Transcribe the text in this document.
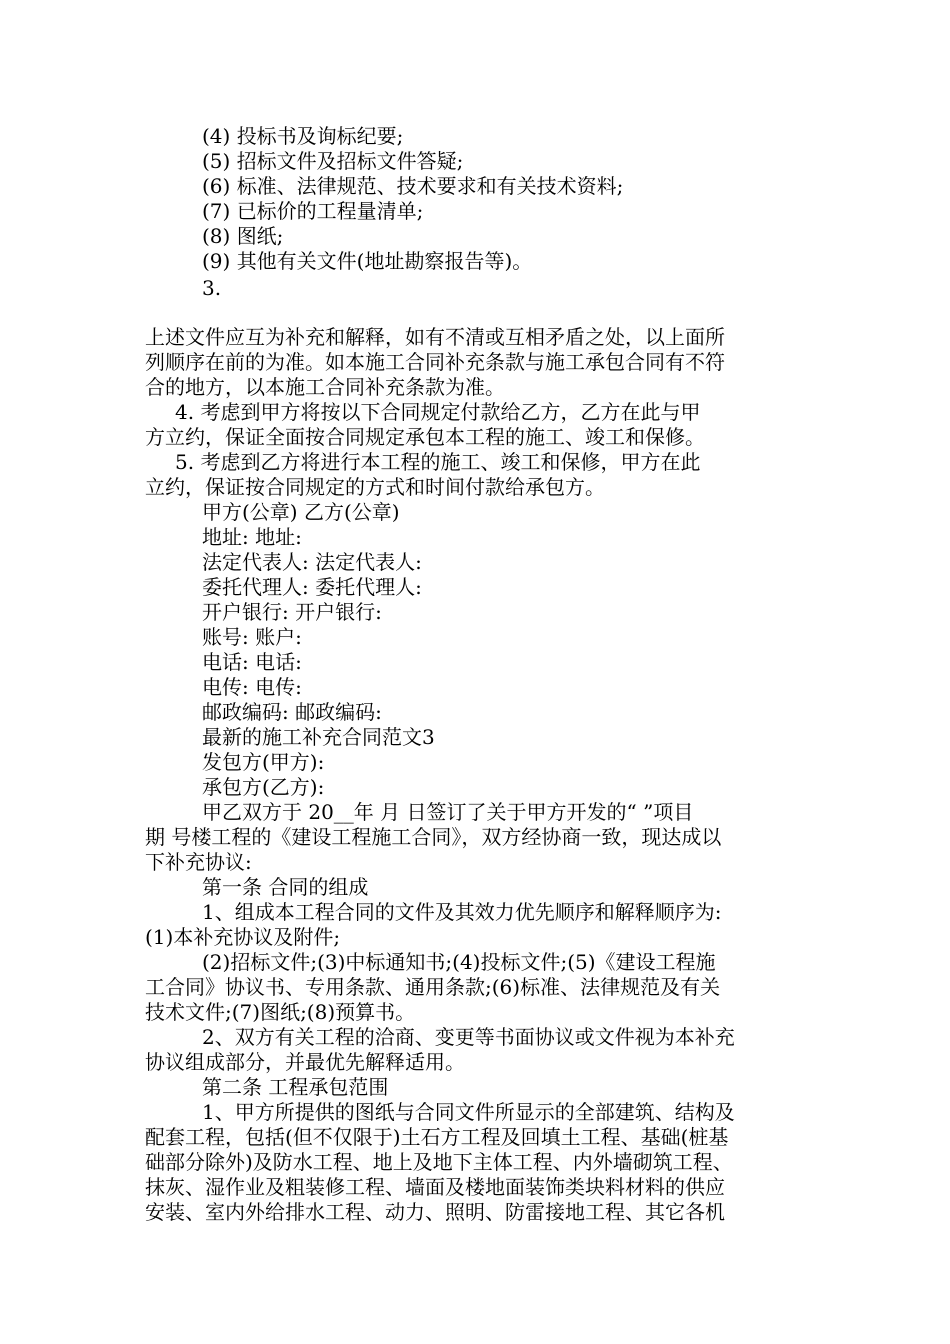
(4) 投标书及询标纪要;
(5) 招标文件及招标文件答疑;
(6) 标准、法律规范、技术要求和有关技术资料;
(7) 已标价的工程量清单;
(8) 图纸;
(9) 其他有关文件(地址勘察报告等)。
3.
上述文件应互为补充和解释，如有不清或互相矛盾之处，以上面所
列顺序在前的为准。如本施工合同补充条款与施工承包合同有不符
合的地方，以本施工合同补充条款为准。
4. 考虑到甲方将按以下合同规定付款给乙方，乙方在此与甲
方立约，保证全面按合同规定承包本工程的施工、竣工和保修。
5. 考虑到乙方将进行本工程的施工、竣工和保修，甲方在此
立约，保证按合同规定的方式和时间付款给承包方。
甲方(公章) 乙方(公章)
地址: 地址:
法定代表人: 法定代表人:
委托代理人: 委托代理人:
开户银行: 开户银行:
账号: 账户:
电话: 电话:
电传: 电传:
邮政编码: 邮政编码:
最新的施工补充合同范文3
发包方(甲方):
承包方(乙方):
甲乙双方于 20__年 月 日签订了关于甲方开发的“ ”项目
期 号楼工程的《建设工程施工合同》，双方经协商一致，现达成以
下补充协议:
第一条 合同的组成
1、组成本工程合同的文件及其效力优先顺序和解释顺序为:
(1)本补充协议及附件;
(2)招标文件;(3)中标通知书;(4)投标文件;(5)《建设工程施
工合同》协议书、专用条款、通用条款;(6)标准、法律规范及有关
技术文件;(7)图纸;(8)预算书。
2、双方有关工程的洽商、变更等书面协议或文件视为本补充
协议组成部分，并最优先解释适用。
第二条 工程承包范围
1、甲方所提供的图纸与合同文件所显示的全部建筑、结构及
配套工程，包括(但不仅限于)土石方工程及回填土工程、基础(桩基
础部分除外)及防水工程、地上及地下主体工程、内外墙砌筑工程、
抹灰、湿作业及粗装修工程、墙面及楼地面装饰类块料材料的供应
安装、室内外给排水工程、动力、照明、防雷接地工程、其它各机
